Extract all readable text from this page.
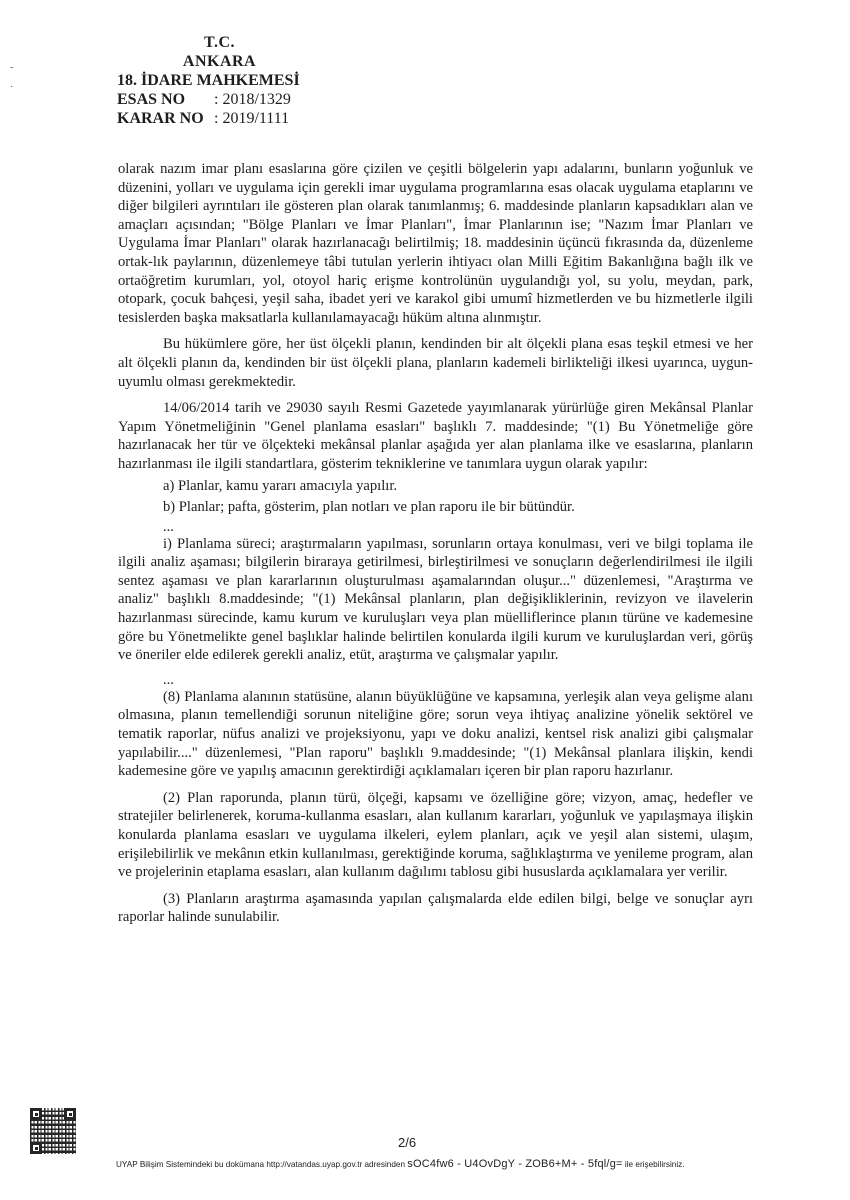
-
·
T.C.
ANKARA
18. İDARE MAHKEMESİ
ESAS NO	: 2018/1329
KARAR NO : 2019/1111

olarak nazım imar planı esaslarına göre çizilen ve çeşitli bölgelerin yapı adalarını, bunların yoğunluk ve düzenini, yolları ve uygulama için gerekli imar uygulama programlarına esas olacak uygulama etaplarını ve diğer bilgileri ayrıntıları ile gösteren plan olarak tanımlanmış; 6. maddesinde planların kapsadıkları alan ve amaçları açısından; "Bölge Planları ve İmar Planları", İmar Planlarının ise; "Nazım İmar Planları ve Uygulama İmar Planları" olarak hazırlanacağı belirtilmiş; 18. maddesinin üçüncü fıkrasında da, düzenleme ortak-lık paylarının, düzenlemeye tâbi tutulan yerlerin ihtiyacı olan Milli Eğitim Bakanlığına bağlı ilk ve ortaöğretim kurumları, yol, otoyol hariç erişme kontrolünün uygulandığı yol, su yolu, meydan, park, otopark, çocuk bahçesi, yeşil saha, ibadet yeri ve karakol gibi umumî hizmetlerden ve bu hizmetlerle ilgili tesislerden başka maksatlarla kullanılamayacağı hüküm altına alınmıştır.

Bu hükümlere göre, her üst ölçekli planın, kendinden bir alt ölçekli plana esas teşkil etmesi ve her alt ölçekli planın da, kendinden bir üst ölçekli plana, planların kademeli birlikteliği ilkesi uyarınca, uygun-uyumlu olması gerekmektedir.

14/06/2014 tarih ve 29030 sayılı Resmi Gazetede yayımlanarak yürürlüğe giren Mekânsal Planlar Yapım Yönetmeliğinin "Genel planlama esasları" başlıklı 7. maddesinde; "(1) Bu Yönetmeliğe göre hazırlanacak her tür ve ölçekteki mekânsal planlar aşağıda yer alan planlama ilke ve esaslarına, planların hazırlanması ile ilgili standartlara, gösterim tekniklerine ve tanımlara uygun olarak yapılır:

a) Planlar, kamu yararı amacıyla yapılır.

b) Planlar; pafta, gösterim, plan notları ve plan raporu ile bir bütündür.

...

i) Planlama süreci; araştırmaların yapılması, sorunların ortaya konulması, veri ve bilgi toplama ile ilgili analiz aşaması; bilgilerin biraraya getirilmesi, birleştirilmesi ve sonuçların değerlendirilmesi ile ilgili sentez aşaması ve plan kararlarının oluşturulması aşamalarından oluşur..." düzenlemesi, "Araştırma ve analiz" başlıklı 8.maddesinde; "(1) Mekânsal planların, plan değişikliklerinin, revizyon ve ilavelerin hazırlanması sürecinde, kamu kurum ve kuruluşları veya plan müelliflerince planın türüne ve kademesine göre bu Yönetmelikte genel başlıklar halinde belirtilen konularda ilgili kurum ve kuruluşlardan veri, görüş ve öneriler elde edilerek gerekli analiz, etüt, araştırma ve çalışmalar yapılır.

...

(8) Planlama alanının statüsüne, alanın büyüklüğüne ve kapsamına, yerleşik alan veya gelişme alanı olmasına, planın temellendiği sorunun niteliğine göre; sorun veya ihtiyaç analizine yönelik sektörel ve tematik raporlar, nüfus analizi ve projeksiyonu, yapı ve doku analizi, kentsel risk analizi gibi çalışmalar yapılabilir...." düzenlemesi, "Plan raporu" başlıklı 9.maddesinde; "(1) Mekânsal planlara ilişkin, kendi kademesine göre ve yapılış amacının gerektirdiği açıklamaları içeren bir plan raporu hazırlanır.

(2) Plan raporunda, planın türü, ölçeği, kapsamı ve özelliğine göre; vizyon, amaç, hedefler ve stratejiler belirlenerek, koruma-kullanma esasları, alan kullanım kararları, yoğunluk ve yapılaşmaya ilişkin konularda planlama esasları ve uygulama ilkeleri, eylem planları, açık ve yeşil alan sistemi, ulaşım, erişilebilirlik ve mekânın etkin kullanılması, gerektiğinde koruma, sağlıklaştırma ve yenileme program, alan ve projelerinin etaplama esasları, alan kullanım dağılımı tablosu gibi hususlarda açıklamalara yer verilir.

(3) Planların araştırma aşamasında yapılan çalışmalarda elde edilen bilgi, belge ve sonuçlar ayrı raporlar halinde sunulabilir.

2/6
UYAP Bilişim Sistemindeki bu dokümana http://vatandas.uyap.gov.tr adresinden sOC4fw6 - U4OvDgY - ZOB6+M+ - 5fql/g= ile erişebilirsiniz.
